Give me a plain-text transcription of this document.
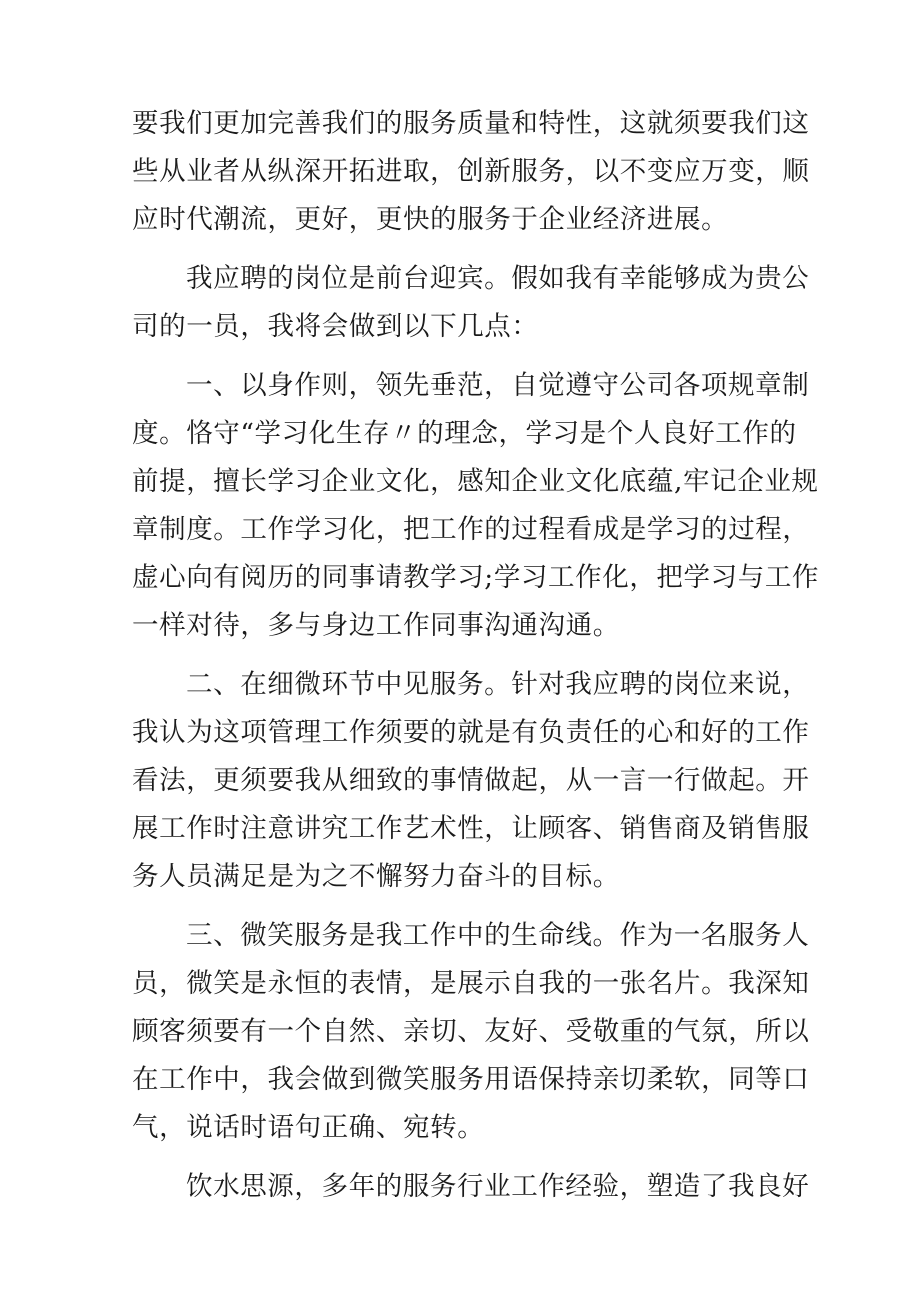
要我们更加完善我们的服务质量和特性，这就须要我们这
些从业者从纵深开拓进取，创新服务，以不变应万变，顺
应时代潮流，更好，更快的服务于企业经济进展。
我应聘的岗位是前台迎宾。假如我有幸能够成为贵公
司的一员，我将会做到以下几点：
一、以身作则，领先垂范，自觉遵守公司各项规章制
度。恪守“学习化生存〃的理念，学习是个人良好工作的
前提，擅长学习企业文化，感知企业文化底蕴,牢记企业规
章制度。工作学习化，把工作的过程看成是学习的过程，
虚心向有阅历的同事请教学习;学习工作化，把学习与工作
一样对待，多与身边工作同事沟通沟通。
二、在细微环节中见服务。针对我应聘的岗位来说，
我认为这项管理工作须要的就是有负责任的心和好的工作
看法，更须要我从细致的事情做起，从一言一行做起。开
展工作时注意讲究工作艺术性，让顾客、销售商及销售服
务人员满足是为之不懈努力奋斗的目标。
三、微笑服务是我工作中的生命线。作为一名服务人
员，微笑是永恒的表情，是展示自我的一张名片。我深知
顾客须要有一个自然、亲切、友好、受敬重的气氛，所以
在工作中，我会做到微笑服务用语保持亲切柔软，同等口
气，说话时语句正确、宛转。
饮水思源，多年的服务行业工作经验，塑造了我良好
